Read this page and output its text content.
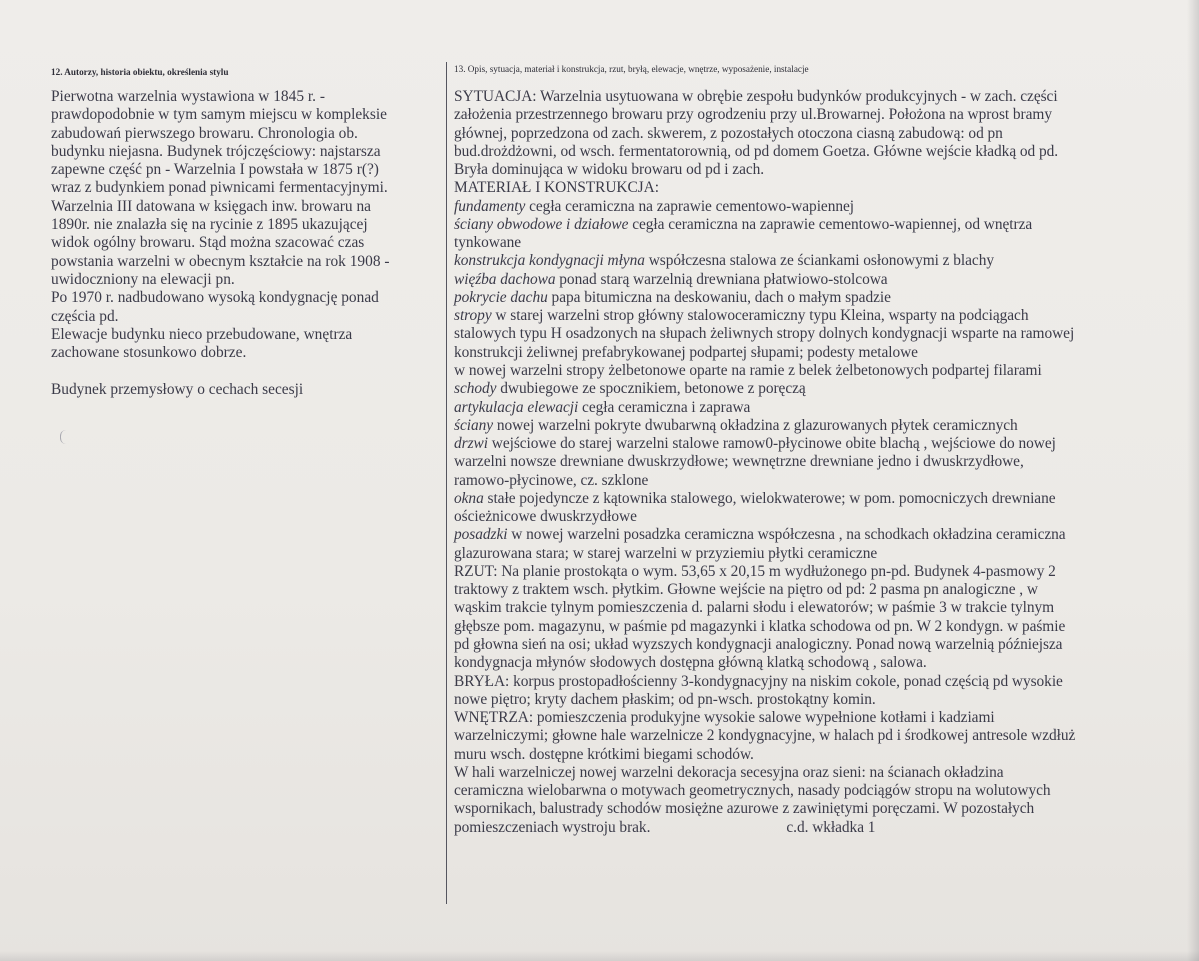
12. Autorzy, historia obiektu, określenia stylu
Pierwotna warzelnia wystawiona w 1845 r. -
prawdopodobnie w tym samym miejscu w kompleksie
zabudowań pierwszego browaru. Chronologia ob.
budynku niejasna. Budynek trójczęściowy: najstarsza
zapewne część pn - Warzelnia I powstała w 1875 r(?)
wraz z budynkiem ponad piwnicami fermentacyjnymi.
Warzelnia III datowana w księgach inw. browaru na
1890r. nie znalazła się na rycinie z 1895 ukazującej
widok ogólny browaru. Stąd można szacować czas
powstania warzelni w obecnym kształcie na rok 1908 -
uwidoczniony na elewacji pn.
Po 1970 r. nadbudowano wysoką kondygnację ponad
częścia pd.
Elewacje budynku nieco przebudowane, wnętrza
zachowane stosunkowo dobrze.
Budynek przemysłowy o cechach secesji
13. Opis, sytuacja, materiał i konstrukcja, rzut, bryłą, elewacje, wnętrze, wyposażenie, instalacje
SYTUACJA: Warzelnia usytuowana w obrębie zespołu budynków produkcyjnych - w zach. części
założenia przestrzennego browaru przy ogrodzeniu przy ul.Browarnej. Położona na wprost bramy
głównej, poprzedzona od zach. skwerem, z pozostałych otoczona ciasną zabudową: od pn
bud.drożdżowni, od wsch. fermentatorownią, od pd domem Goetza. Główne wejście kładką od pd.
Bryła dominująca w widoku browaru od pd i zach.
MATERIAŁ I KONSTRUKCJA:
fundamenty cegła ceramiczna na zaprawie cementowo-wapiennej
ściany obwodowe i działowe cegła ceramiczna na zaprawie cementowo-wapiennej, od wnętrza
tynkowane
konstrukcja kondygnacji młyna współczesna stalowa ze ściankami osłonowymi z blachy
więźba dachowa ponad starą warzelnią drewniana płatwiowo-stolcowa
pokrycie dachu papa bitumiczna na deskowaniu, dach o małym spadzie
stropy w starej warzelni strop główny stalowoceramiczny typu Kleina, wsparty na podciągach
stalowych typu H osadzonych na słupach żeliwnych stropy dolnych kondygnacji wsparte na ramowej
konstrukcji żeliwnej prefabrykowanej podpartej słupami; podesty metalowe
w nowej warzelni stropy żelbetonowe oparte na ramie z belek żelbetonowych podpartej filarami
schody dwubiegowe ze spocznikiem, betonowe z poręczą
artykulacja elewacji cegła ceramiczna i zaprawa
ściany nowej warzelni pokryte dwubarwną okładzina z glazurowanych płytek ceramicznych
drzwi wejściowe do starej warzelni stalowe ramow0-płycinowe obite blachą , wejściowe do nowej
warzelni nowsze drewniane dwuskrzydłowe; wewnętrzne drewniane jedno i dwuskrzydłowe,
ramowo-płycinowe, cz. szklone
okna stałe pojedyncze z kątownika stalowego, wielokwaterowe; w pom. pomocniczych drewniane
ościeżnicowe dwuskrzydłowe
posadzki w nowej warzelni posadzka ceramiczna współczesna , na schodkach okładzina ceramiczna
glazurowana stara; w starej warzelni w przyziemiu płytki ceramiczne
RZUT: Na planie prostokąta o wym. 53,65 x 20,15 m wydłużonego pn-pd. Budynek 4-pasmowy 2
traktowy z traktem wsch. płytkim. Głowne wejście na piętro od pd: 2 pasma pn analogiczne , w
wąskim trakcie tylnym pomieszczenia d. palarni słodu i elewatorów; w paśmie 3 w trakcie tylnym
głębsze pom. magazynu, w paśmie pd magazynki i klatka schodowa od pn. W 2 kondygn. w paśmie
pd głowna sień na osi; układ wyzszych kondygnacji analogiczny. Ponad nową warzelnią późniejsza
kondygnacja młynów słodowych dostępna główną klatką schodową , salowa.
BRYŁA: korpus prostopadłościenny 3-kondygnacyjny na niskim cokole, ponad częścią pd wysokie
nowe piętro; kryty dachem płaskim; od pn-wsch. prostokątny komin.
WNĘTRZA: pomieszczenia produkyjne wysokie salowe wypełnione kotłami i kadziami
warzelniczymi; głowne hale warzelnicze 2 kondygnacyjne, w halach pd i środkowej antresole wzdłuż
muru wsch. dostępne krótkimi biegami schodów.
W hali warzelniczej nowej warzelni dekoracja secesyjna oraz sieni: na ścianach okładzina
ceramiczna wielobarwna o motywach geometrycznych, nasady podciągów stropu na wolutowych
wspornikach, balustrady schodów mosiężne azurowe z zawiniętymi poręczami. W pozostałych
pomieszczeniach wystroju brak.	c.d. wkładka 1
